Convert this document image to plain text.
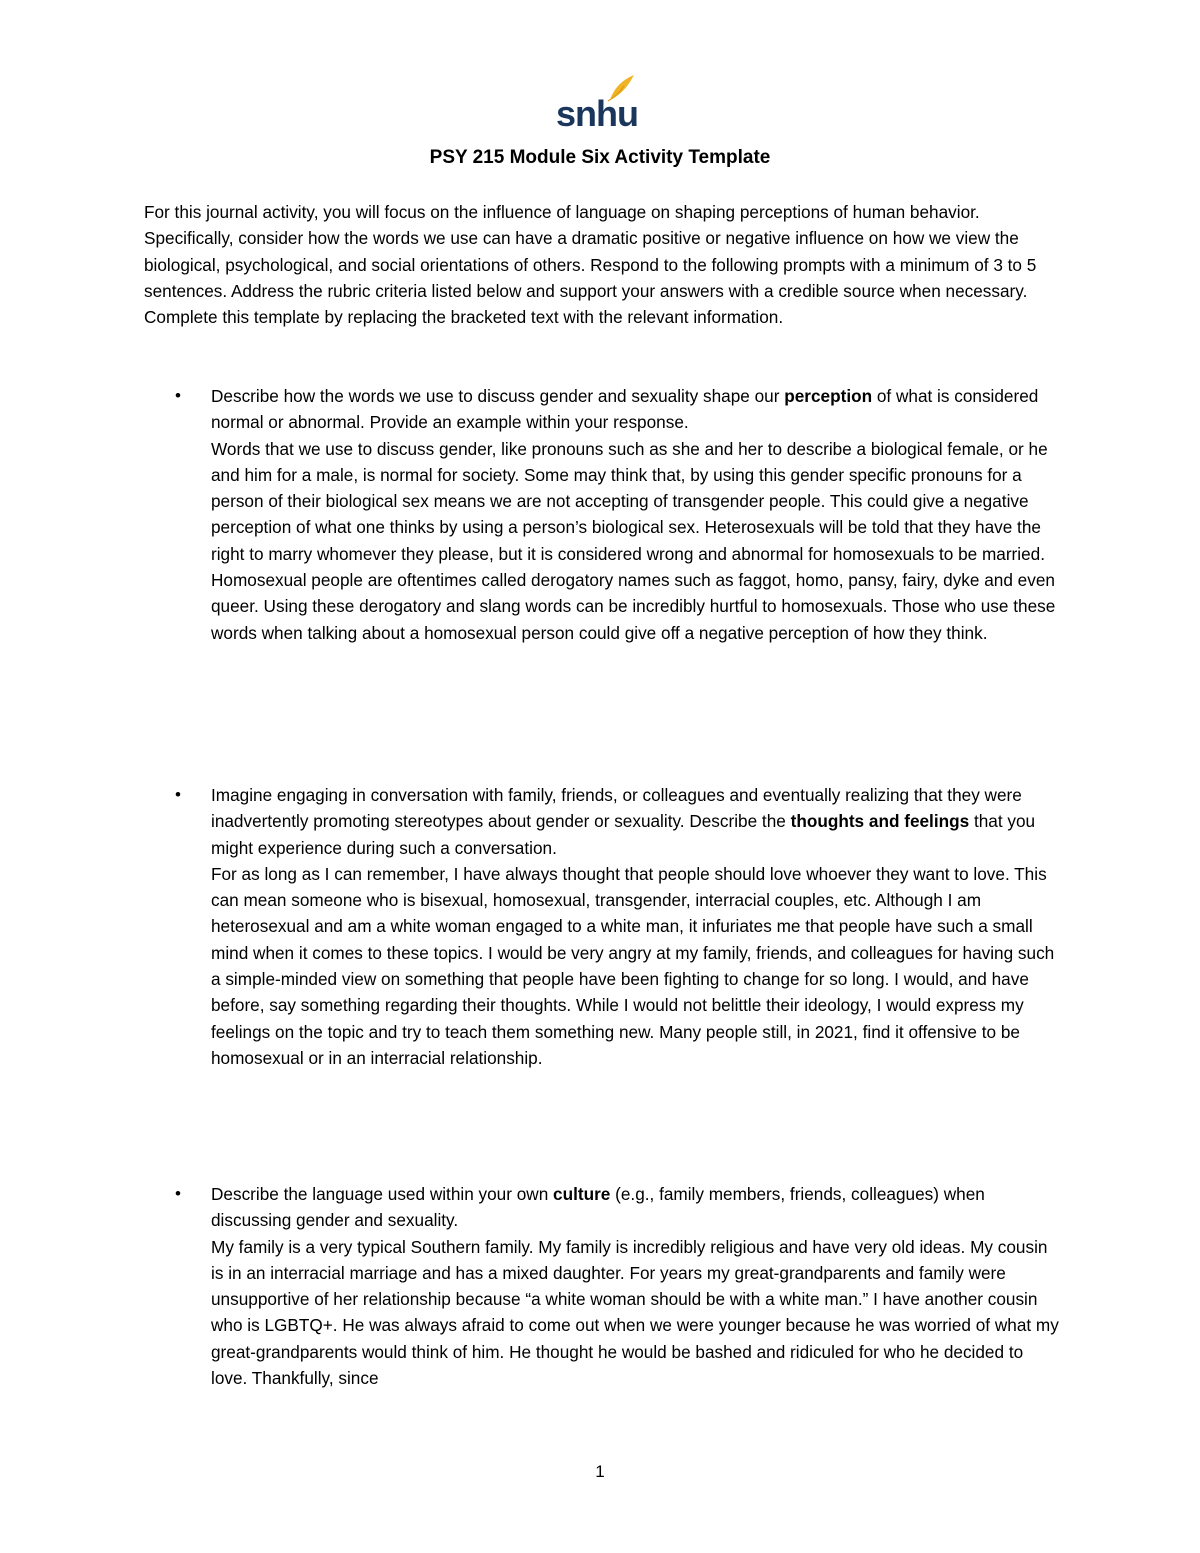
snhu
PSY 215 Module Six Activity Template

For this journal activity, you will focus on the influence of language on shaping perceptions of human behavior. Specifically, consider how the words we use can have a dramatic positive or negative influence on how we view the biological, psychological, and social orientations of others. Respond to the following prompts with a minimum of 3 to 5 sentences. Address the rubric criteria listed below and support your answers with a credible source when necessary. Complete this template by replacing the bracketed text with the relevant information.

• Describe how the words we use to discuss gender and sexuality shape our perception of what is considered normal or abnormal. Provide an example within your response.

Words that we use to discuss gender, like pronouns such as she and her to describe a biological female, or he and him for a male, is normal for society. Some may think that, by using this gender specific pronouns for a person of their biological sex means we are not accepting of transgender people. This could give a negative perception of what one thinks by using a person’s biological sex. Heterosexuals will be told that they have the right to marry whomever they please, but it is considered wrong and abnormal for homosexuals to be married. Homosexual people are oftentimes called derogatory names such as faggot, homo, pansy, fairy, dyke and even queer. Using these derogatory and slang words can be incredibly hurtful to homosexuals. Those who use these words when talking about a homosexual person could give off a negative perception of how they think.

• Imagine engaging in conversation with family, friends, or colleagues and eventually realizing that they were inadvertently promoting stereotypes about gender or sexuality. Describe the thoughts and feelings that you might experience during such a conversation.

For as long as I can remember, I have always thought that people should love whoever they want to love. This can mean someone who is bisexual, homosexual, transgender, interracial couples, etc. Although I am heterosexual and am a white woman engaged to a white man, it infuriates me that people have such a small mind when it comes to these topics. I would be very angry at my family, friends, and colleagues for having such a simple-minded view on something that people have been fighting to change for so long. I would, and have before, say something regarding their thoughts. While I would not belittle their ideology, I would express my feelings on the topic and try to teach them something new. Many people still, in 2021, find it offensive to be homosexual or in an interracial relationship.

• Describe the language used within your own culture (e.g., family members, friends, colleagues) when discussing gender and sexuality.

My family is a very typical Southern family. My family is incredibly religious and have very old ideas. My cousin is in an interracial marriage and has a mixed daughter. For years my great-grandparents and family were unsupportive of her relationship because “a white woman should be with a white man.” I have another cousin who is LGBTQ+. He was always afraid to come out when we were younger because he was worried of what my great-grandparents would think of him. He thought he would be bashed and ridiculed for who he decided to love. Thankfully, since

1
